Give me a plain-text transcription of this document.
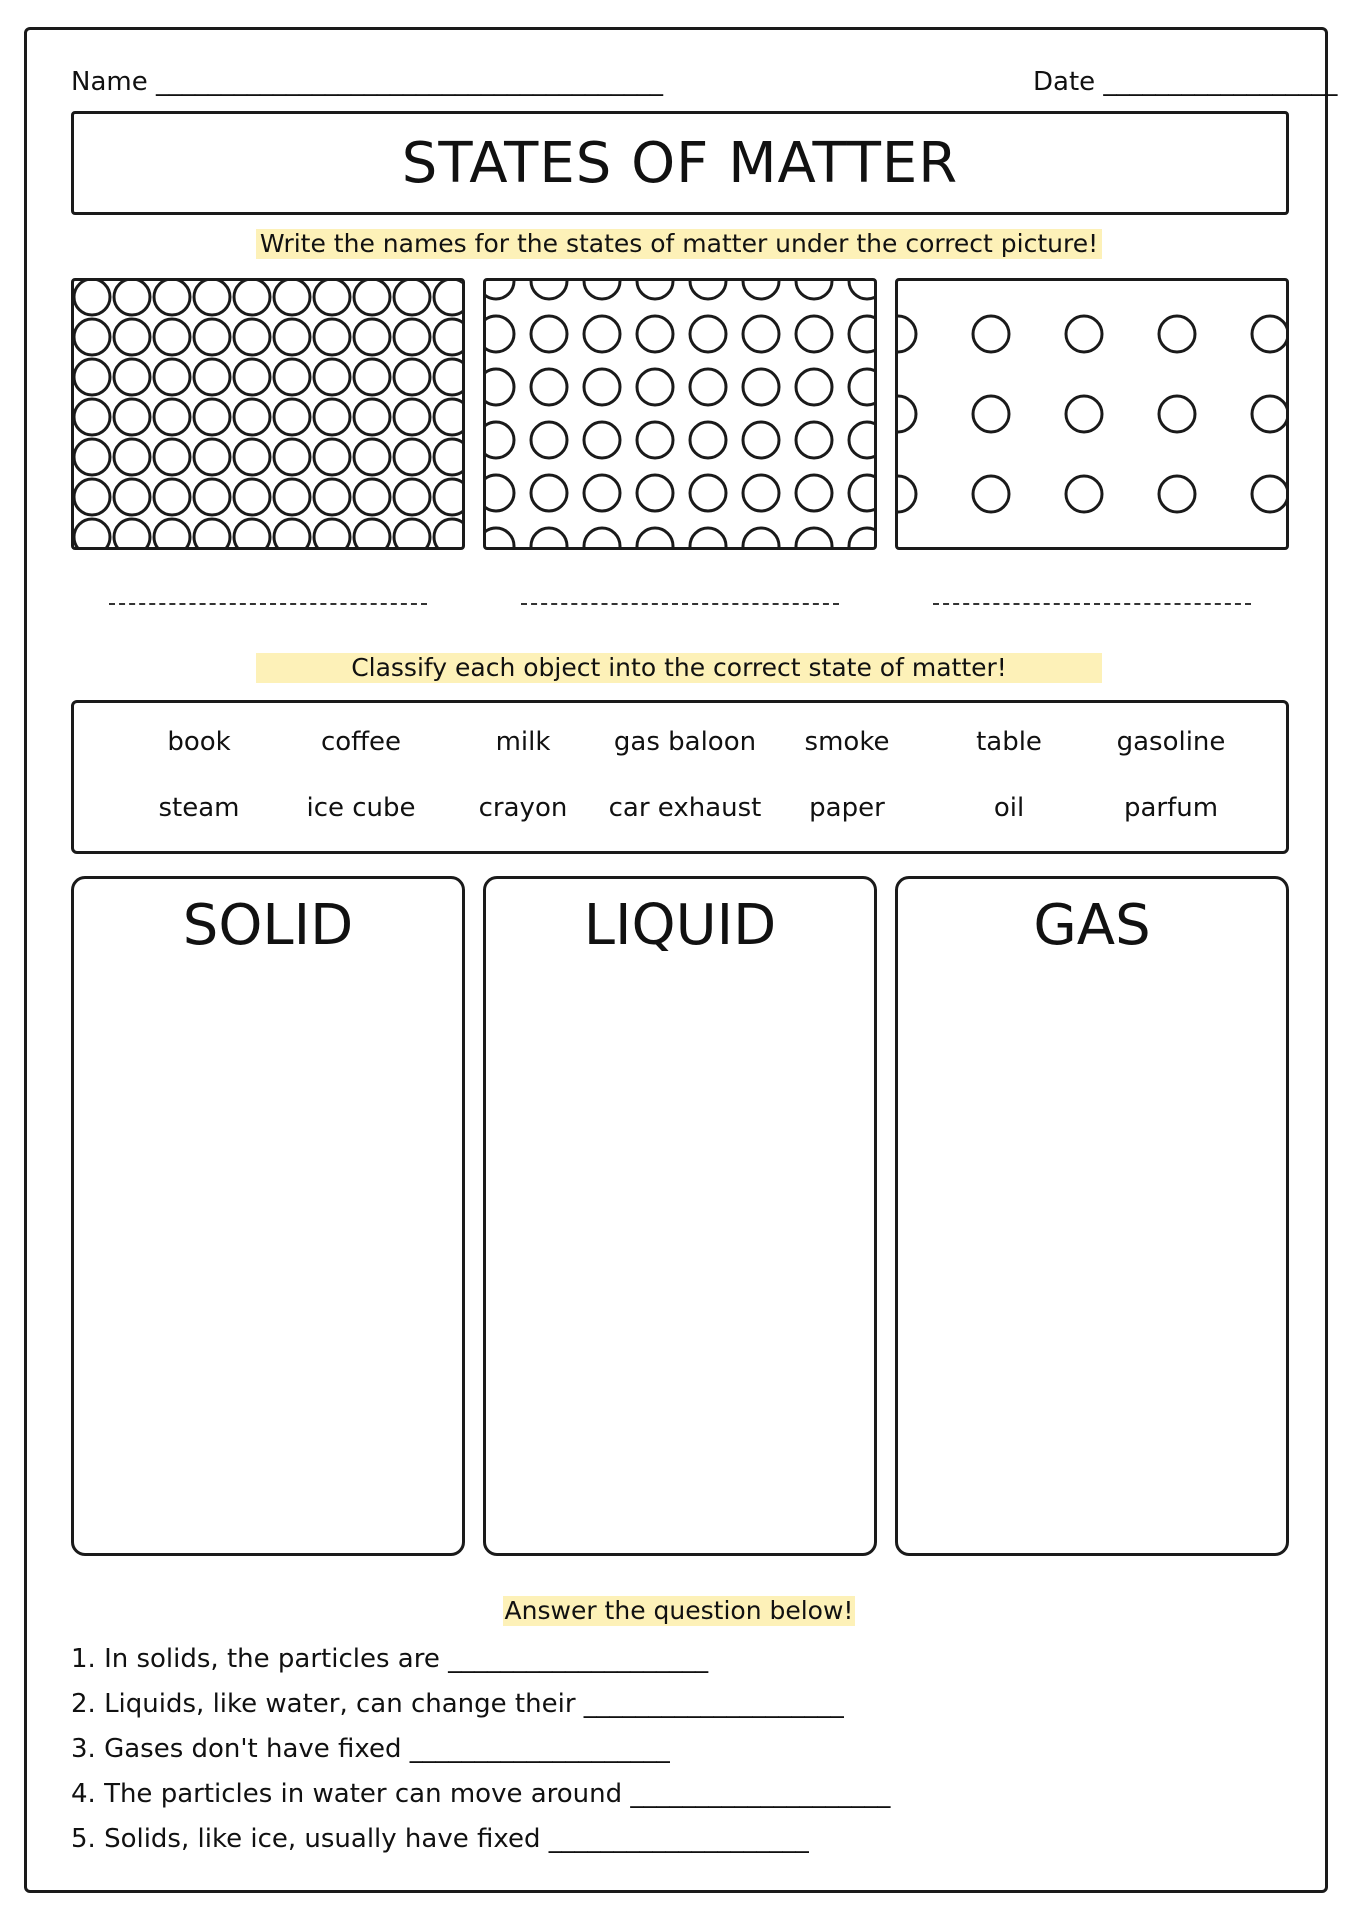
Name _______________________________________	Date __________________
STATES OF MATTER
Write the names for the states of matter under the correct picture!
Classify each object into the correct state of matter!
book	coffee	milk	gas baloon	smoke	table	gasoline
steam	ice cube	crayon	car exhaust	paper	oil	parfum
SOLID	LIQUID	GAS
Answer the question below!
1. In solids, the particles are ____________________
2. Liquids, like water, can change their ____________________
3. Gases don't have fixed ____________________
4. The particles in water can move around ____________________
5. Solids, like ice, usually have fixed ____________________
